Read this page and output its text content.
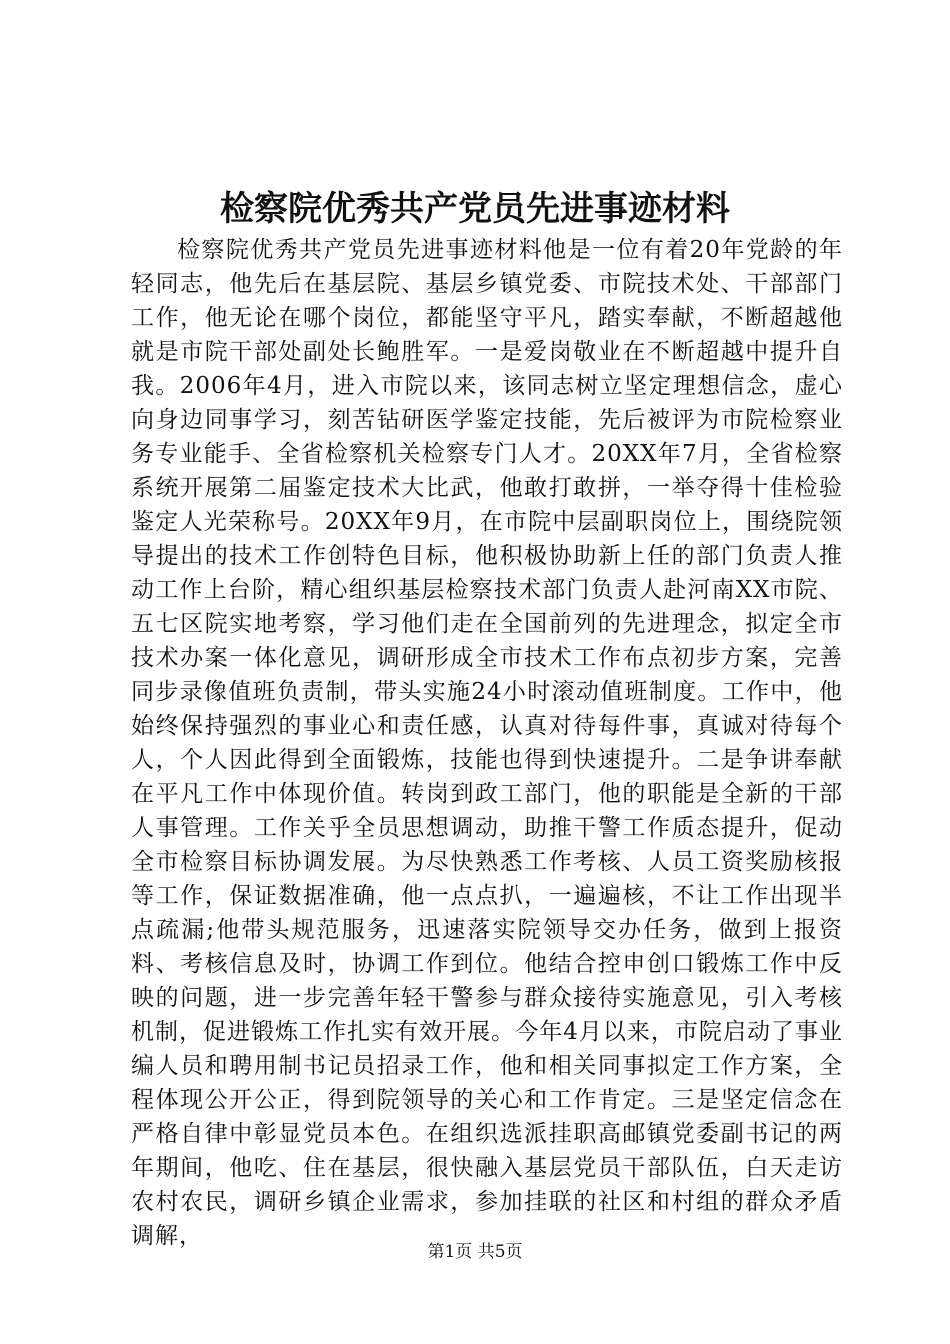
检察院优秀共产党员先进事迹材料

检察院优秀共产党员先进事迹材料他是一位有着20年党龄的年轻同志，他先后在基层院、基层乡镇党委、市院技术处、干部部门工作，他无论在哪个岗位，都能坚守平凡，踏实奉献，不断超越他就是市院干部处副处长鲍胜军。一是爱岗敬业在不断超越中提升自我。2006年4月，进入市院以来，该同志树立坚定理想信念，虚心向身边同事学习，刻苦钻研医学鉴定技能，先后被评为市院检察业务专业能手、全省检察机关检察专门人才。20XX年7月，全省检察系统开展第二届鉴定技术大比武，他敢打敢拼，一举夺得十佳检验鉴定人光荣称号。20XX年9月，在市院中层副职岗位上，围绕院领导提出的技术工作创特色目标，他积极协助新上任的部门负责人推动工作上台阶，精心组织基层检察技术部门负责人赴河南XX市院、五七区院实地考察，学习他们走在全国前列的先进理念，拟定全市技术办案一体化意见，调研形成全市技术工作布点初步方案，完善同步录像值班负责制，带头实施24小时滚动值班制度。工作中，他始终保持强烈的事业心和责任感，认真对待每件事，真诚对待每个人，个人因此得到全面锻炼，技能也得到快速提升。二是争讲奉献在平凡工作中体现价值。转岗到政工部门，他的职能是全新的干部人事管理。工作关乎全员思想调动，助推干警工作质态提升，促动全市检察目标协调发展。为尽快熟悉工作考核、人员工资奖励核报等工作，保证数据准确，他一点点扒，一遍遍核，不让工作出现半点疏漏;他带头规范服务，迅速落实院领导交办任务，做到上报资料、考核信息及时，协调工作到位。他结合控申创口锻炼工作中反映的问题，进一步完善年轻干警参与群众接待实施意见，引入考核机制，促进锻炼工作扎实有效开展。今年4月以来，市院启动了事业编人员和聘用制书记员招录工作，他和相关同事拟定工作方案，全程体现公开公正，得到院领导的关心和工作肯定。三是坚定信念在严格自律中彰显党员本色。在组织选派挂职高邮镇党委副书记的两年期间，他吃、住在基层，很快融入基层党员干部队伍，白天走访农村农民，调研乡镇企业需求，参加挂联的社区和村组的群众矛盾调解，

第1页 共5页
